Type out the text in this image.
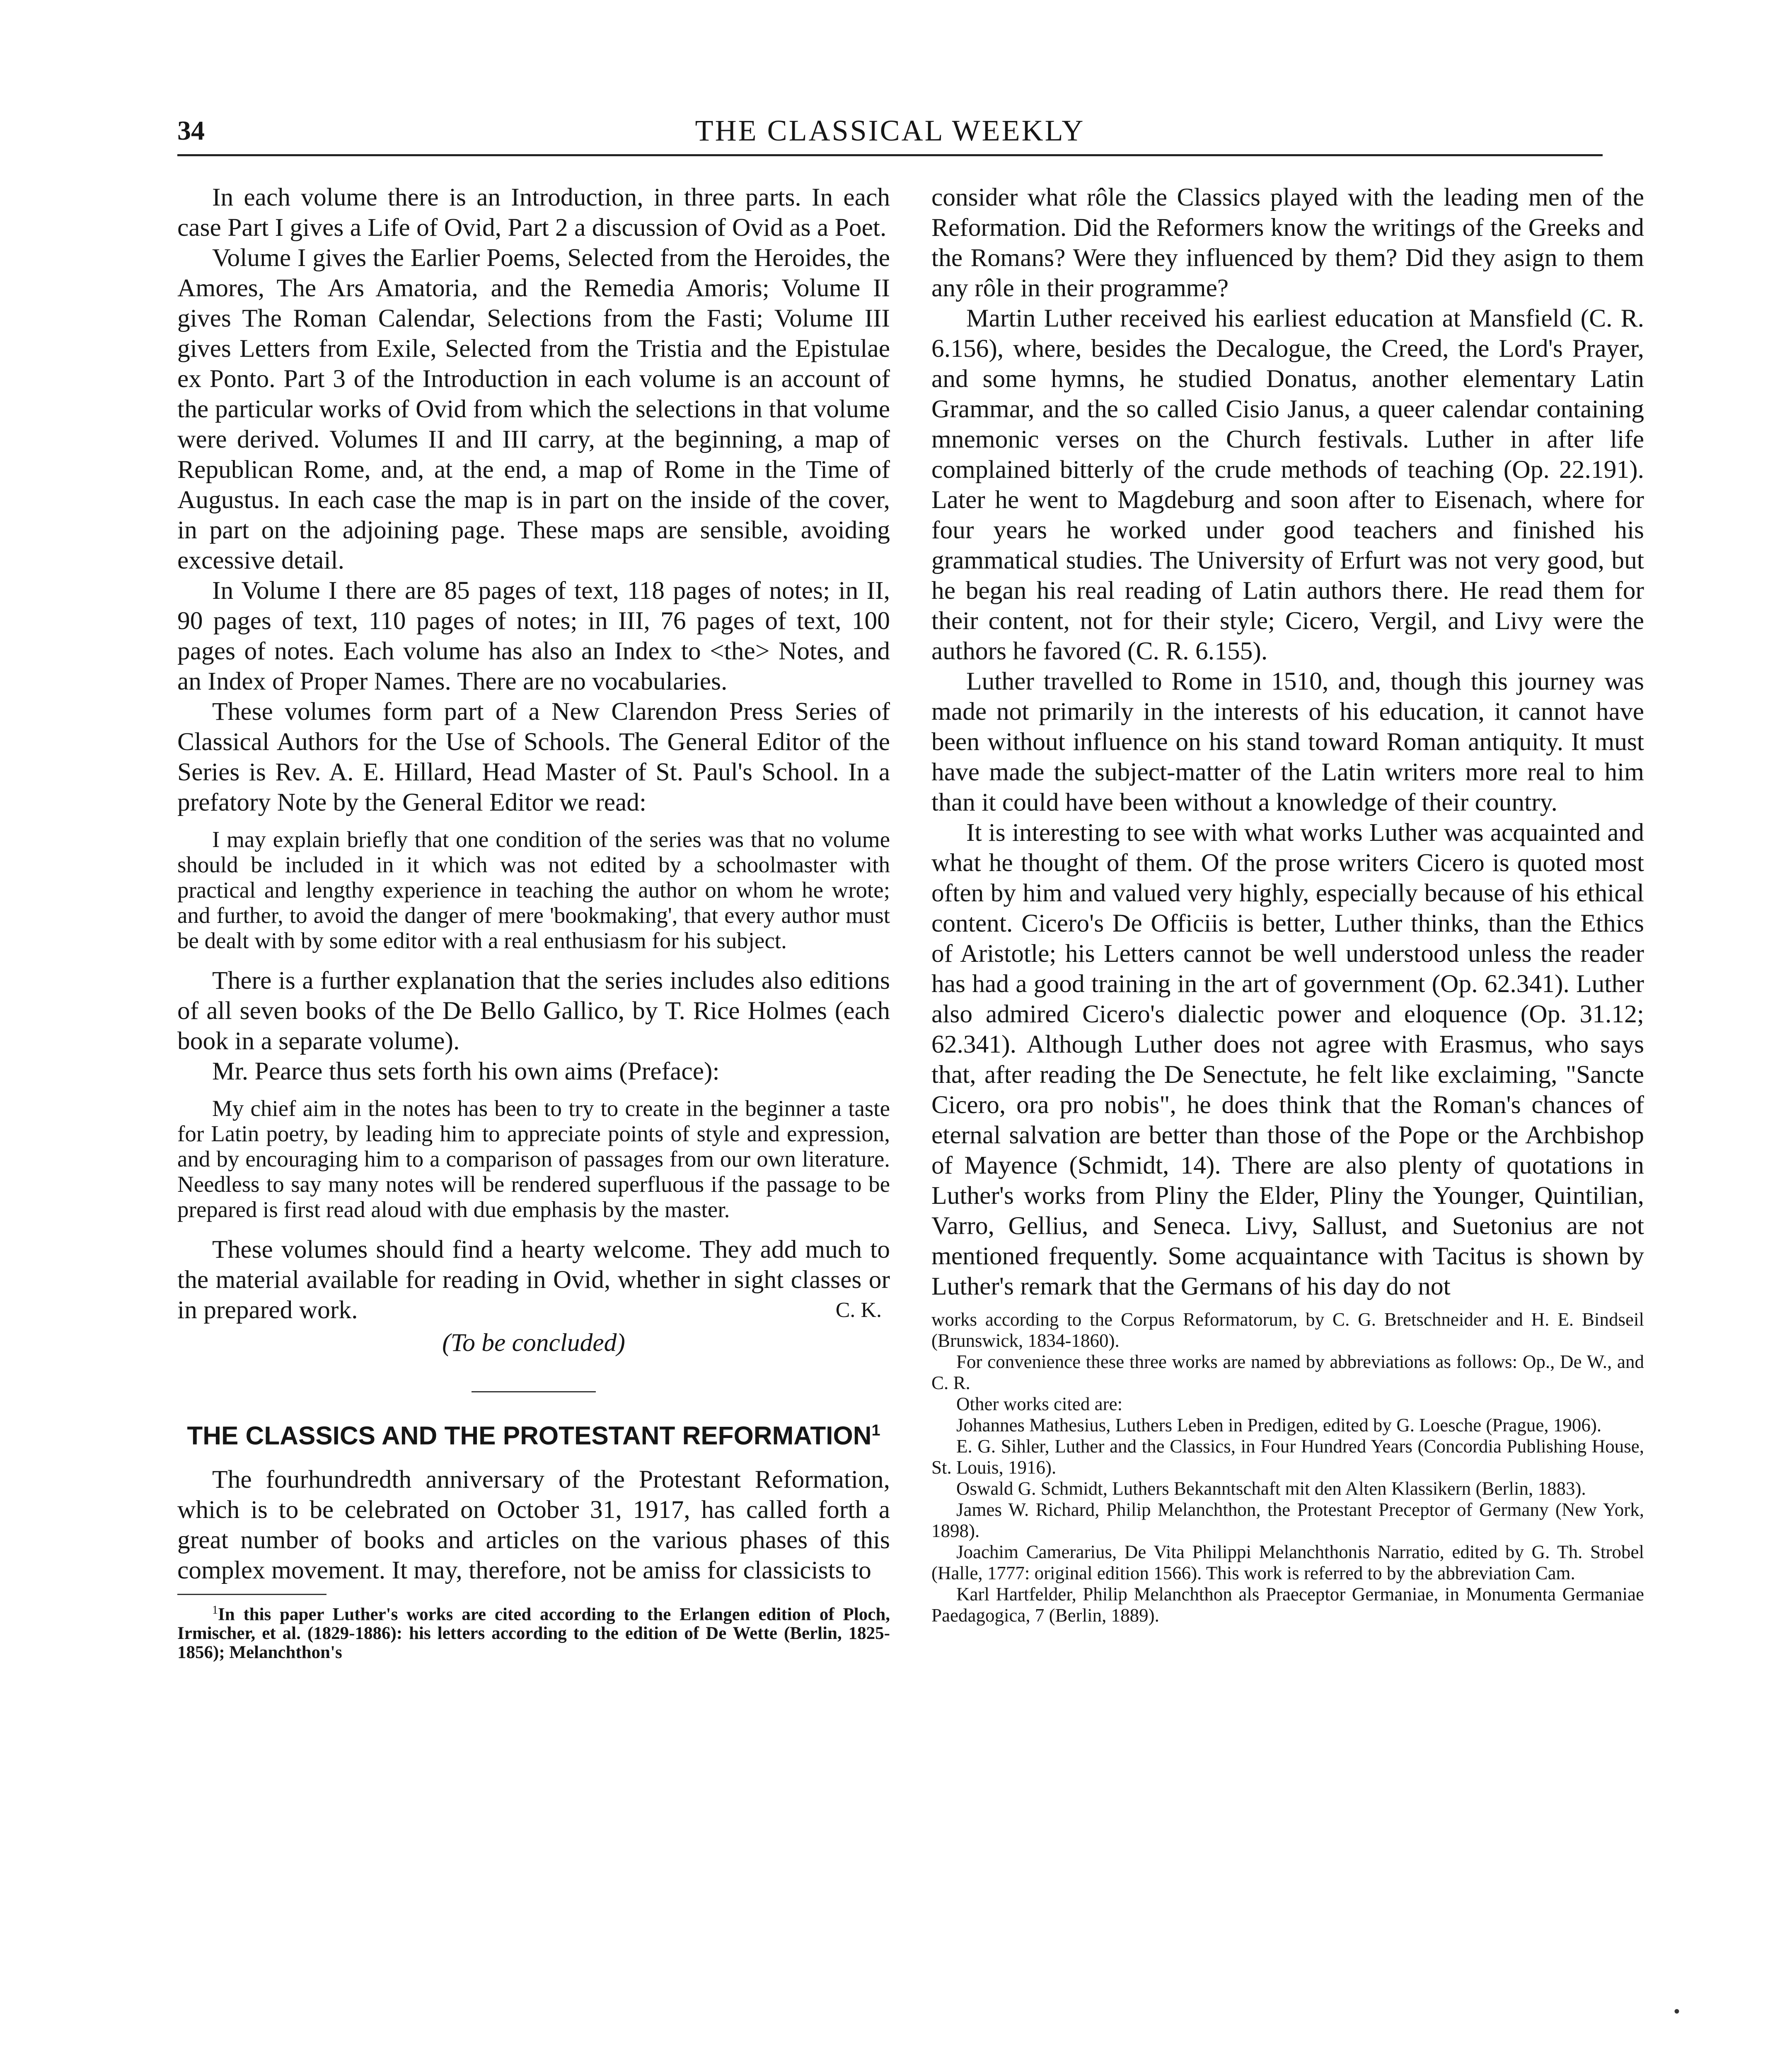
34	THE CLASSICAL WEEKLY

In each volume there is an Introduction, in three parts. In each case Part I gives a Life of Ovid, Part 2 a discussion of Ovid as a Poet.

Volume I gives the Earlier Poems, Selected from the Heroides, the Amores, The Ars Amatoria, and the Remedia Amoris; Volume II gives The Roman Calendar, Selections from the Fasti; Volume III gives Letters from Exile, Selected from the Tristia and the Epistulae ex Ponto. Part 3 of the Introduction in each volume is an account of the particular works of Ovid from which the selections in that volume were derived. Volumes II and III carry, at the beginning, a map of Republican Rome, and, at the end, a map of Rome in the Time of Augustus. In each case the map is in part on the inside of the cover, in part on the adjoining page. These maps are sensible, avoiding excessive detail.

In Volume I there are 85 pages of text, 118 pages of notes; in II, 90 pages of text, 110 pages of notes; in III, 76 pages of text, 100 pages of notes. Each volume has also an Index to <the> Notes, and an Index of Proper Names. There are no vocabularies.

These volumes form part of a New Clarendon Press Series of Classical Authors for the Use of Schools. The General Editor of the Series is Rev. A. E. Hillard, Head Master of St. Paul's School. In a prefatory Note by the General Editor we read:

I may explain briefly that one condition of the series was that no volume should be included in it which was not edited by a schoolmaster with practical and lengthy experience in teaching the author on whom he wrote; and further, to avoid the danger of mere 'bookmaking', that every author must be dealt with by some editor with a real enthusiasm for his subject.

There is a further explanation that the series includes also editions of all seven books of the De Bello Gallico, by T. Rice Holmes (each book in a separate volume).

Mr. Pearce thus sets forth his own aims (Preface):

My chief aim in the notes has been to try to create in the beginner a taste for Latin poetry, by leading him to appreciate points of style and expression, and by encouraging him to a comparison of passages from our own literature. Needless to say many notes will be rendered superfluous if the passage to be prepared is first read aloud with due emphasis by the master.

These volumes should find a hearty welcome. They add much to the material available for reading in Ovid, whether in sight classes or in prepared work.	C. K.

(To be concluded)

THE CLASSICS AND THE PROTESTANT REFORMATION$^1$

The fourhundredth anniversary of the Protestant Reformation, which is to be celebrated on October 31, 1917, has called forth a great number of books and articles on the various phases of this complex movement. It may, therefore, not be amiss for classicists to

$^1$In this paper Luther's works are cited according to the Erlangen edition of Ploch, Irmischer, et al. (1829-1886): his letters according to the edition of De Wette (Berlin, 1825-1856); Melanchthon's

consider what rôle the Classics played with the leading men of the Reformation. Did the Reformers know the writings of the Greeks and the Romans? Were they influenced by them? Did they asign to them any rôle in their programme?

Martin Luther received his earliest education at Mansfield (C. R. 6.156), where, besides the Decalogue, the Creed, the Lord's Prayer, and some hymns, he studied Donatus, another elementary Latin Grammar, and the so called Cisio Janus, a queer calendar containing mnemonic verses on the Church festivals. Luther in after life complained bitterly of the crude methods of teaching (Op. 22.191). Later he went to Magdeburg and soon after to Eisenach, where for four years he worked under good teachers and finished his grammatical studies. The University of Erfurt was not very good, but he began his real reading of Latin authors there. He read them for their content, not for their style; Cicero, Vergil, and Livy were the authors he favored (C. R. 6.155).

Luther travelled to Rome in 1510, and, though this journey was made not primarily in the interests of his education, it cannot have been without influence on his stand toward Roman antiquity. It must have made the subject-matter of the Latin writers more real to him than it could have been without a knowledge of their country.

It is interesting to see with what works Luther was acquainted and what he thought of them. Of the prose writers Cicero is quoted most often by him and valued very highly, especially because of his ethical content. Cicero's De Officiis is better, Luther thinks, than the Ethics of Aristotle; his Letters cannot be well understood unless the reader has had a good training in the art of government (Op. 62.341). Luther also admired Cicero's dialectic power and eloquence (Op. 31.12; 62.341). Although Luther does not agree with Erasmus, who says that, after reading the De Senectute, he felt like exclaiming, "Sancte Cicero, ora pro nobis", he does think that the Roman's chances of eternal salvation are better than those of the Pope or the Archbishop of Mayence (Schmidt, 14). There are also plenty of quotations in Luther's works from Pliny the Elder, Pliny the Younger, Quintilian, Varro, Gellius, and Seneca. Livy, Sallust, and Suetonius are not mentioned frequently. Some acquaintance with Tacitus is shown by Luther's remark that the Germans of his day do not

works according to the Corpus Reformatorum, by C. G. Bretschneider and H. E. Bindseil (Brunswick, 1834-1860).

For convenience these three works are named by abbreviations as follows: Op., De W., and C. R.

Other works cited are:

Johannes Mathesius, Luthers Leben in Predigen, edited by G. Loesche (Prague, 1906).

E. G. Sihler, Luther and the Classics, in Four Hundred Years (Concordia Publishing House, St. Louis, 1916).

Oswald G. Schmidt, Luthers Bekanntschaft mit den Alten Klassikern (Berlin, 1883).

James W. Richard, Philip Melanchthon, the Protestant Preceptor of Germany (New York, 1898).

Joachim Camerarius, De Vita Philippi Melanchthonis Narratio, edited by G. Th. Strobel (Halle, 1777: original edition 1566). This work is referred to by the abbreviation Cam.

Karl Hartfelder, Philip Melanchthon als Praeceptor Germaniae, in Monumenta Germaniae Paedagogica, 7 (Berlin, 1889).

•
